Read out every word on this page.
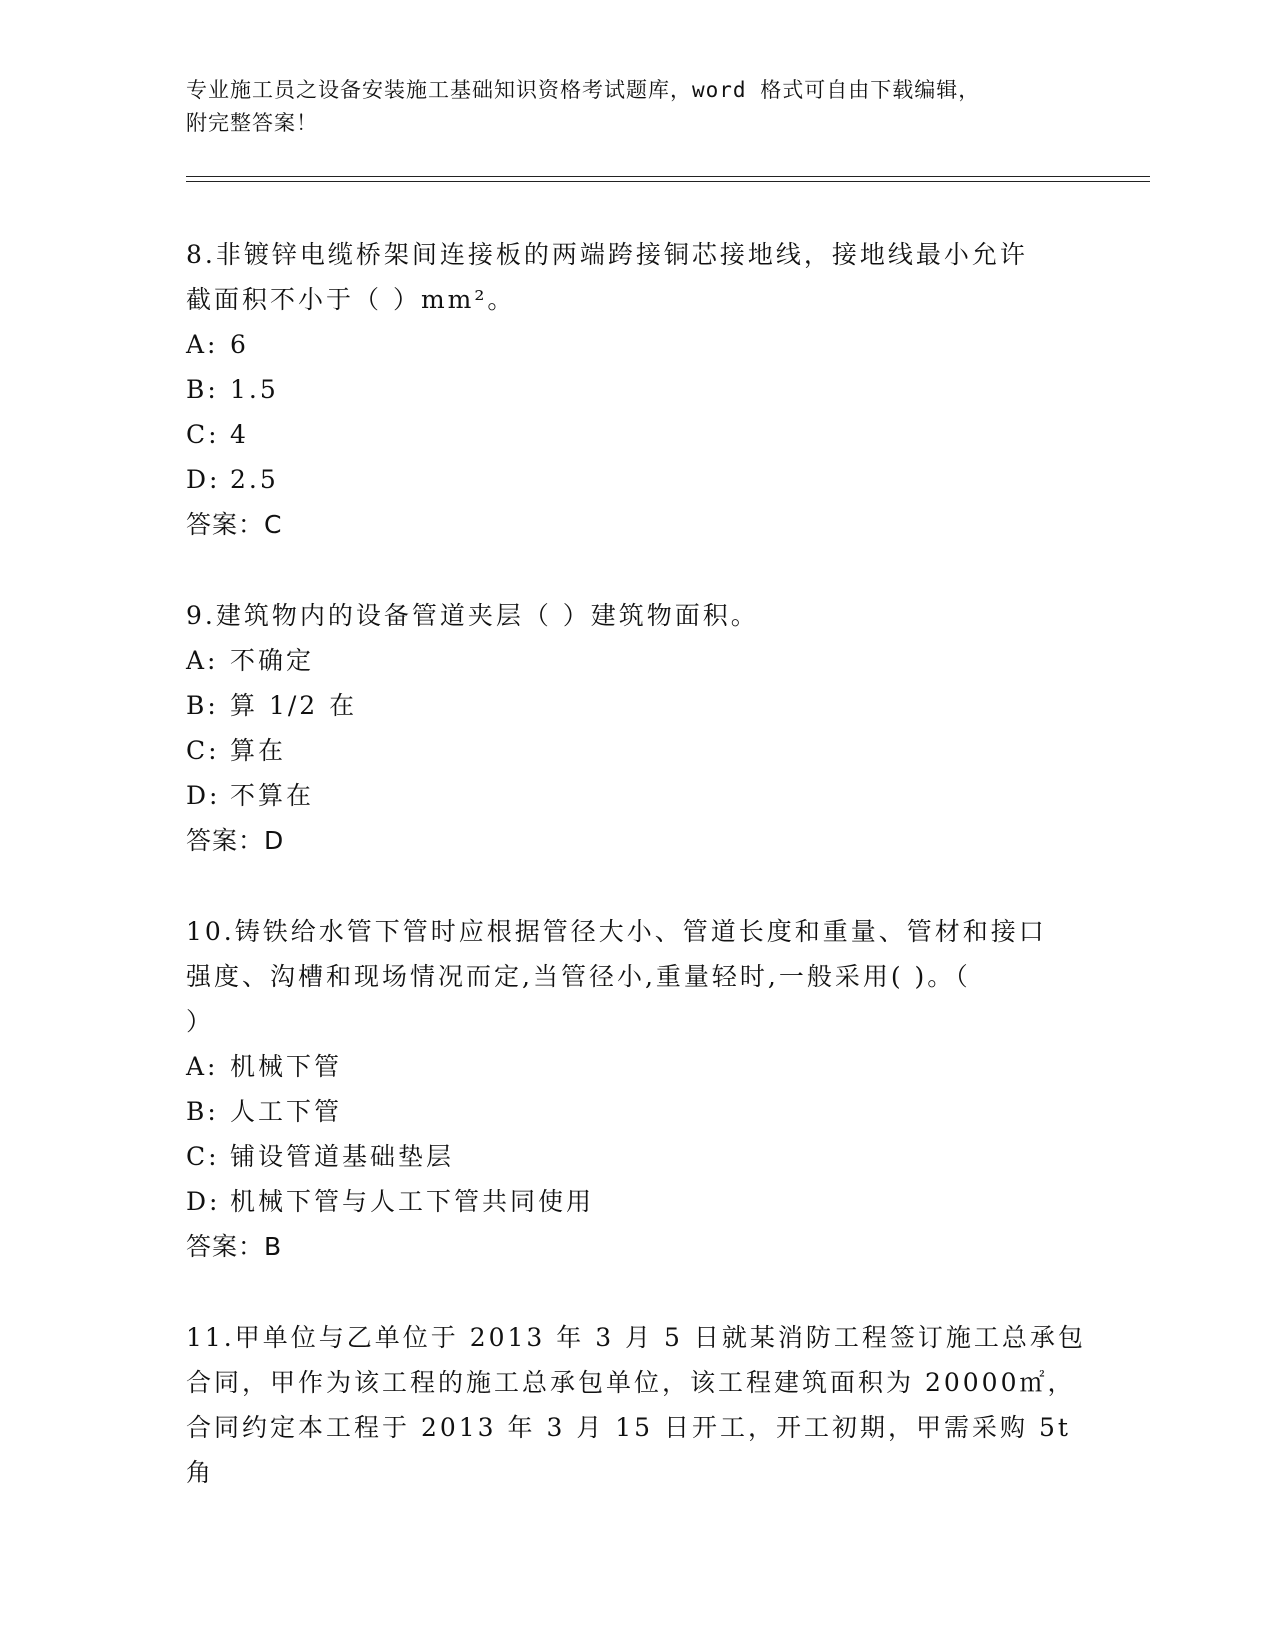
专业施工员之设备安装施工基础知识资格考试题库，word 格式可自由下载编辑，
附完整答案！
8.非镀锌电缆桥架间连接板的两端跨接铜芯接地线，接地线最小允许
截面积不小于（ ）mm²。
A: 6
B: 1.5
C: 4
D: 2.5
答案：C
9.建筑物内的设备管道夹层（ ）建筑物面积。
A: 不确定
B: 算 1/2 在
C: 算在
D: 不算在
答案：D
10.铸铁给水管下管时应根据管径大小、管道长度和重量、管材和接口
强度、沟槽和现场情况而定,当管径小,重量轻时,一般采用( )。（
）
A: 机械下管
B: 人工下管
C: 铺设管道基础垫层
D: 机械下管与人工下管共同使用
答案：B
11.甲单位与乙单位于 2013 年 3 月 5 日就某消防工程签订施工总承包
合同，甲作为该工程的施工总承包单位，该工程建筑面积为 20000㎡，
合同约定本工程于 2013 年 3 月 15 日开工，开工初期，甲需采购 5t 角
